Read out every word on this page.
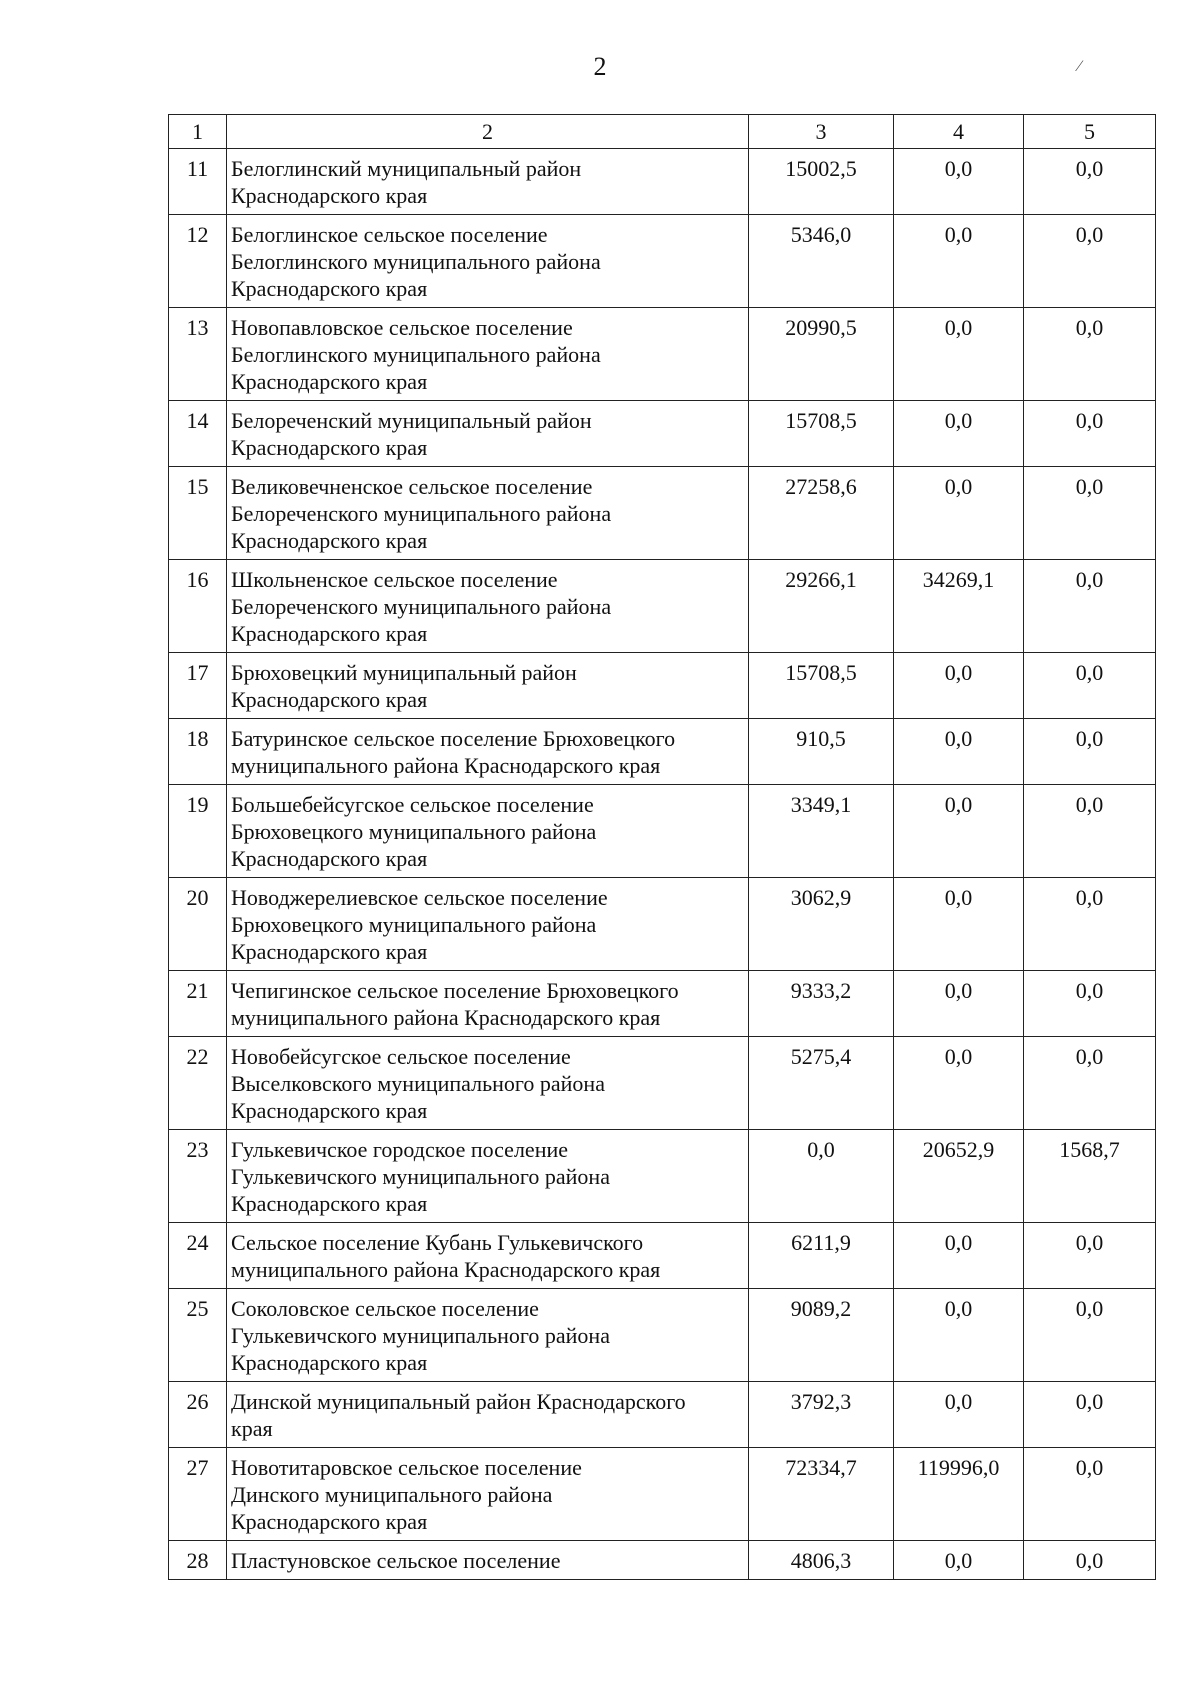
2	⁄
1	2	3	4	5
11	Белоглинский муниципальный район
Краснодарского края	15002,5	0,0	0,0
12	Белоглинское сельское поселение
Белоглинского муниципального района
Краснодарского края	5346,0	0,0	0,0
13	Новопавловское сельское поселение
Белоглинского муниципального района
Краснодарского края	20990,5	0,0	0,0
14	Белореченский муниципальный район
Краснодарского края	15708,5	0,0	0,0
15	Великовечненское сельское поселение
Белореченского муниципального района
Краснодарского края	27258,6	0,0	0,0
16	Школьненское сельское поселение
Белореченского муниципального района
Краснодарского края	29266,1	34269,1	0,0
17	Брюховецкий муниципальный район
Краснодарского края	15708,5	0,0	0,0
18	Батуринское сельское поселение Брюховецкого
муниципального района Краснодарского края	910,5	0,0	0,0
19	Большебейсугское сельское поселение
Брюховецкого муниципального района
Краснодарского края	3349,1	0,0	0,0
20	Новоджерелиевское сельское поселение
Брюховецкого муниципального района
Краснодарского края	3062,9	0,0	0,0
21	Чепигинское сельское поселение Брюховецкого
муниципального района Краснодарского края	9333,2	0,0	0,0
22	Новобейсугское сельское поселение
Выселковского муниципального района
Краснодарского края	5275,4	0,0	0,0
23	Гулькевичское городское поселение
Гулькевичского муниципального района
Краснодарского края	0,0	20652,9	1568,7
24	Сельское поселение Кубань Гулькевичского
муниципального района Краснодарского края	6211,9	0,0	0,0
25	Соколовское сельское поселение
Гулькевичского муниципального района
Краснодарского края	9089,2	0,0	0,0
26	Динской муниципальный район Краснодарского
края	3792,3	0,0	0,0
27	Новотитаровское сельское поселение
Динского муниципального района
Краснодарского края	72334,7	119996,0	0,0
28	Пластуновское сельское поселение	4806,3	0,0	0,0
